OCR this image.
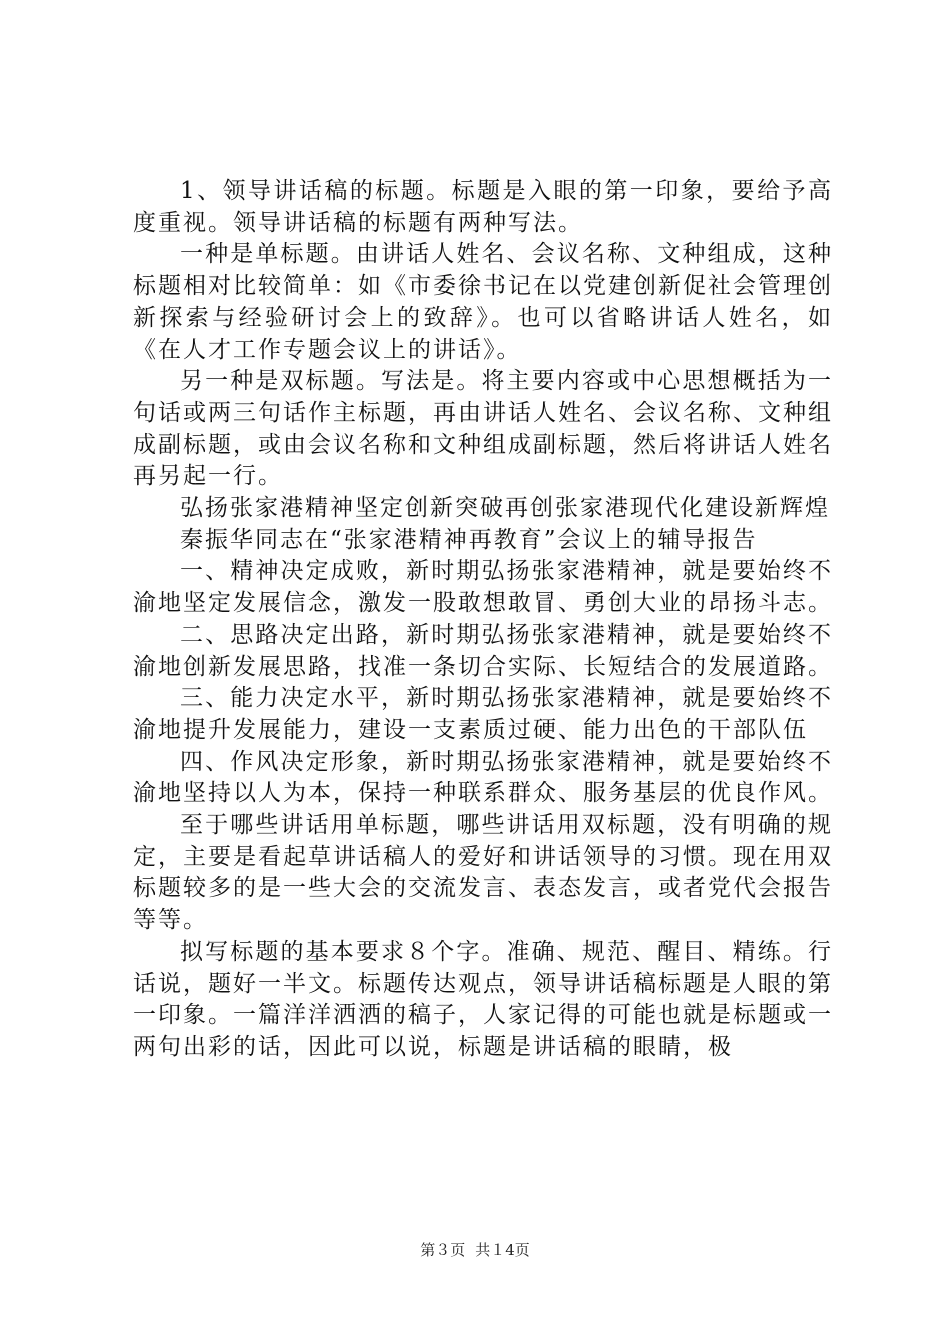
1、领导讲话稿的标题。标题是入眼的第一印象，要给予高度重视。领导讲话稿的标题有两种写法。

一种是单标题。由讲话人姓名、会议名称、文种组成，这种标题相对比较简单：如《市委徐书记在以党建创新促社会管理创新探索与经验研讨会上的致辞》。也可以省略讲话人姓名，如《在人才工作专题会议上的讲话》。

另一种是双标题。写法是。将主要内容或中心思想概括为一句话或两三句话作主标题，再由讲话人姓名、会议名称、文种组成副标题，或由会议名称和文种组成副标题，然后将讲话人姓名再另起一行。

弘扬张家港精神坚定创新突破再创张家港现代化建设新辉煌

秦振华同志在“张家港精神再教育”会议上的辅导报告

一、精神决定成败，新时期弘扬张家港精神，就是要始终不渝地坚定发展信念，激发一股敢想敢冒、勇创大业的昂扬斗志。

二、思路决定出路，新时期弘扬张家港精神，就是要始终不渝地创新发展思路，找准一条切合实际、长短结合的发展道路。

三、能力决定水平，新时期弘扬张家港精神，就是要始终不渝地提升发展能力，建设一支素质过硬、能力出色的干部队伍

四、作风决定形象，新时期弘扬张家港精神，就是要始终不渝地坚持以人为本，保持一种联系群众、服务基层的优良作风。

至于哪些讲话用单标题，哪些讲话用双标题，没有明确的规定，主要是看起草讲话稿人的爱好和讲话领导的习惯。现在用双标题较多的是一些大会的交流发言、表态发言，或者党代会报告等等。

拟写标题的基本要求８个字。准确、规范、醒目、精练。行话说，题好一半文。标题传达观点，领导讲话稿标题是人眼的第一印象。一篇洋洋洒洒的稿子，人家记得的可能也就是标题或一两句出彩的话，因此可以说，标题是讲话稿的眼睛，极

第３页 共１4页
